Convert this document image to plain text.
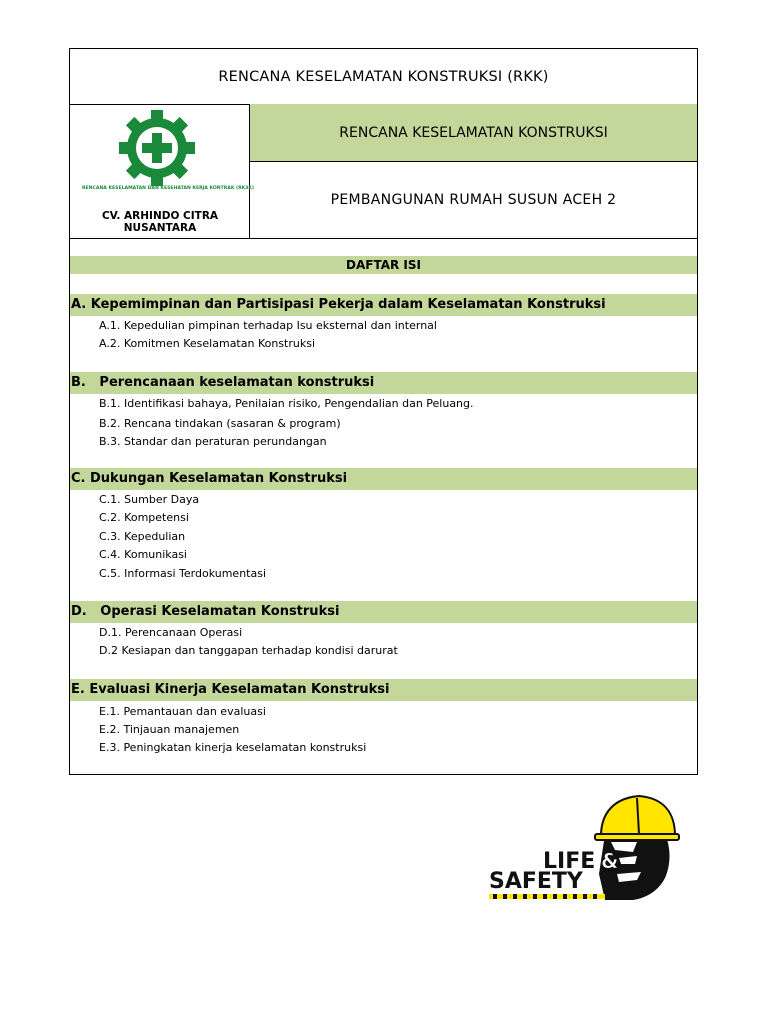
RENCANA KESELAMATAN KONSTRUKSI (RKK)
RENCANA KESELAMATAN DAN KESEHATAN KERJA KONTRAK (RK3K)
CV. ARHINDO CITRA
NUSANTARA
RENCANA KESELAMATAN KONSTRUKSI
PEMBANGUNAN RUMAH SUSUN ACEH 2
DAFTAR ISI
A. Kepemimpinan dan Partisipasi Pekerja dalam Keselamatan Konstruksi
A.1. Kepedulian pimpinan terhadap Isu eksternal dan internal
A.2. Komitmen Keselamatan Konstruksi
B.   Perencanaan keselamatan konstruksi
B.1. Identifikasi bahaya, Penilaian risiko, Pengendalian dan Peluang.
B.2. Rencana tindakan (sasaran & program)
B.3. Standar dan peraturan perundangan
C. Dukungan Keselamatan Konstruksi
C.1. Sumber Daya
C.2. Kompetensi
C.3. Kepedulian
C.4. Komunikasi
C.5. Informasi Terdokumentasi
D.   Operasi Keselamatan Konstruksi
D.1. Perencanaan Operasi
D.2 Kesiapan dan tanggapan terhadap kondisi darurat
E. Evaluasi Kinerja Keselamatan Konstruksi
E.1. Pemantauan dan evaluasi
E.2. Tinjauan manajemen
E.3. Peningkatan kinerja keselamatan konstruksi
LIFE &
SAFETY
